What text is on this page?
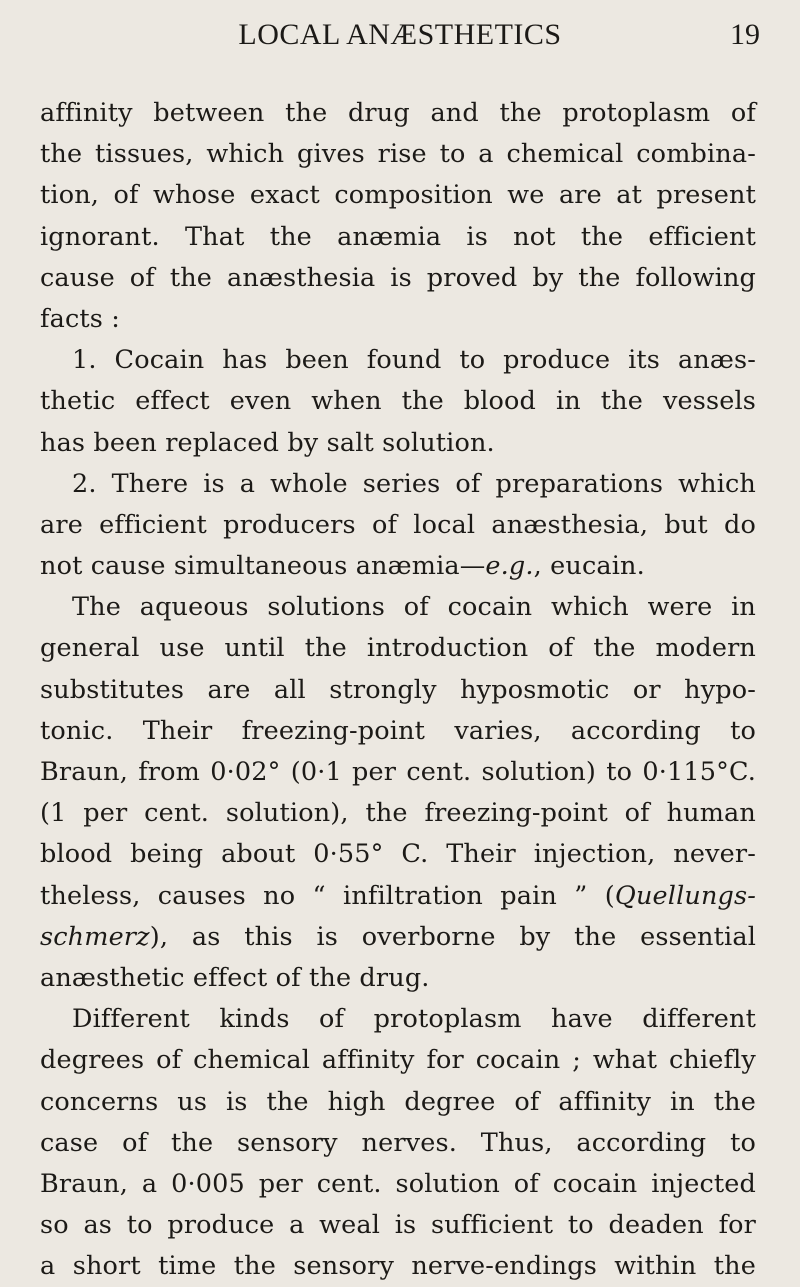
LOCAL ANÆSTHETICS	19
affinity between the drug and the protoplasm of
the tissues, which gives rise to a chemical combina-
tion, of whose exact composition we are at present
ignorant. That the anæmia is not the efficient
cause of the anæsthesia is proved by the following
facts :
1. Cocain has been found to produce its anæs-
thetic effect even when the blood in the vessels
has been replaced by salt solution.
2. There is a whole series of preparations which
are efficient producers of local anæsthesia, but do
not cause simultaneous anæmia—e.g., eucain.
The aqueous solutions of cocain which were in
general use until the introduction of the modern
substitutes are all strongly hyposmotic or hypo-
tonic. Their freezing-point varies, according to
Braun, from 0·02° (0·1 per cent. solution) to 0·115°C.
(1 per cent. solution), the freezing-point of human
blood being about 0·55° C. Their injection, never-
theless, causes no “ infiltration pain ” (Quellungs-
schmerz), as this is overborne by the essential
anæsthetic effect of the drug.
Different kinds of protoplasm have different
degrees of chemical affinity for cocain ; what chiefly
concerns us is the high degree of affinity in the
case of the sensory nerves. Thus, according to
Braun, a 0·005 per cent. solution of cocain injected
so as to produce a weal is sufficient to deaden for
a short time the sensory nerve-endings within the
